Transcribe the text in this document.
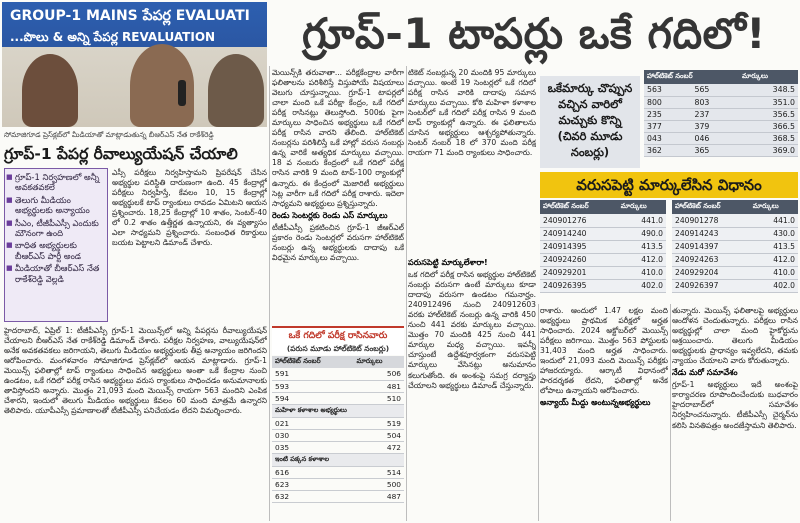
GROUP-1 MAINS పేపర్ల EVALUATI
...పొలు & అన్ని పేపర్ల REVALUATION
సోమాజిగూడ ప్రెస్‌క్లబ్‌లో మీడియాతో మాట్లాడుతున్న బీఆర్‌ఎస్ నేత రాకేశ్‌రెడ్డి
గ్రూప్-1 పేపర్ల రీవాల్యుయేషన్ చేయాలి
■ గ్రూప్-1 నిర్వహణలో అన్నీ అవకతవకలే
■ తెలుగు మీడియం అభ్యర్థులకు అన్యాయం
■ సీఎం, టీజీపీఎస్సీ ఎందుకు మౌనంగా ఉంది
■ బాధిత అభ్యర్థులకు బీఆర్‌ఎస్ పార్టీ అండ
■ మీడియాతో బీఆర్‌ఎస్ నేత రాకేశ్‌రెడ్డి వెల్లడి
ఎస్సీ పరీక్షలు నిర్వహిస్తామని ప్రిపరేషన్ చేసిన అభ్యర్థుల పరిస్థితి దారుణంగా ఉంది. 45 కేంద్రాల్లో పరీక్షలు నిర్వహిస్తే, కేవలం 10, 15 కేంద్రాల్లో అభ్యర్థులకే టాప్ ర్యాంకులు రావడం ఏమిటని ఆయన ప్రశ్నించారు. 18,25 కేంద్రాల్లో 10 శాతం, సెంటర్-40 లో 0.2 శాతం ఉత్తీర్ణత ఉన్నాయని, ఈ వ్యత్యాసం ఎలా సాధ్యమని ప్రశ్నించారు. సంబంధిత రికార్డులు బయట పెట్టాలని డిమాండ్ చేశారు.
హైదరాబాద్, ఏప్రిల్ 1: టీజీపీఎస్సీ గ్రూప్-1 మెయిన్స్‌లో అన్ని పేపర్లను రీవాల్యుయేషన్ చేయాలని బీఆర్‌ఎస్ నేత రాకేశ్‌రెడ్డి డిమాండ్ చేశారు. పరీక్షల నిర్వహణ, వాల్యుయేషన్‌లో అనేక అవకతవకలు జరిగాయని, తెలుగు మీడియం అభ్యర్థులకు తీవ్ర అన్యాయం జరిగిందని ఆరోపించారు. మంగళవారం సోమాజిగూడ ప్రెస్‌క్లబ్‌లో ఆయన మాట్లాడారు. గ్రూప్-1 మెయిన్స్ ఫలితాల్లో టాప్ ర్యాంకులు సాధించిన అభ్యర్థులు అంతా ఒకే కేంద్రాల నుంచి ఉండటం, ఒకే గదిలో పరీక్ష రాసిన అభ్యర్థులు వరుస ర్యాంకులు సాధించడం అనుమానాలకు తావిస్తోందని అన్నారు. మొత్తం 21,093 మంది మెయిన్స్ రాయగా 563 మందిని ఎంపిక చేశారని, ఇందులో తెలుగు మీడియం అభ్యర్థులు కేవలం 60 మంది మాత్రమే ఉన్నారని తెలిపారు. యూపీఎస్సీ ప్రమాణాలతో టీజీపీఎస్సీ పనిచేయడం లేదని విమర్శించారు.
గ్రూప్-1 టాపర్లు ఒకే గదిలో!
మెయిన్స్‌కి తరువాతా... పరీక్షకేంద్రాల వారీగా ఫలితాలను పరిశీలిస్తే విస్తుపోయే విషయాలు వెలుగు చూస్తున్నాయి. గ్రూప్-1 టాపర్లలో చాలా మంది ఒకే పరీక్షా కేంద్రం, ఒకే గదిలో పరీక్ష రాసినట్లు తెలుస్తోంది. 500కు పైగా మార్కులు సాధించిన అభ్యర్థులు ఒకే గదిలో పరీక్ష రాసిన వారని తేలింది. హాల్‌టికెట్ నంబర్లను పరిశీలిస్తే ఒకే హాల్లో వరుస నంబర్లు ఉన్న వారికే అత్యధిక మార్కులు వచ్చాయి. 18 వ నంబరు కేంద్రంలో ఒకే గదిలో పరీక్ష రాసిన వారికి 9 మంది టాప్-100 ర్యాంకుల్లో ఉన్నారు. ఈ కేంద్రంలో మెజారిటీ అభ్యర్థులు సెట్ల వారీగా ఒకే గదిలో పరీక్ష రాశారు. ఇదెలా సాధ్యమని అభ్యర్థులు ప్రశ్నిస్తున్నారు.
రెండు సెంటర్లకు రెండు ఎస్ మార్కులు
టీజీపీఎస్సీ ప్రకటించిన గ్రూప్-1 జీఆర్ఎల్ ప్రకారం రెండు సెంటర్లలో వరుసగా హాల్‌టికెట్ నంబర్లు ఉన్న అభ్యర్థులకు దాదాపు ఒకే విధమైన మార్కులు వచ్చాయి.
ఒకే గదిలో పరీక్ష రాసినవారు
(పరుస మూడు హాల్‌టికెట్ నంబర్లు)
హాల్‌టికెట్ నంబర్	మార్కులు
591	506
593	481
594	510
మహిళా కళాశాల అభ్యర్థులు	
021	519
030	504
035	472
ఇంటి పక్కన కళాశాల	
616	514
623	500
632	487
టికెట్ నంబర్లున్న 20 మందికి 95 మార్కులు వచ్చాయి. అంటే 19 సెంటర్లలో ఒకే గదిలో పరీక్ష రాసిన వారికి దాదాపు సమాన మార్కులు వచ్చాయి. కోఠి మహిళా కళాశాల సెంటర్‌లో ఒకే గదిలో పరీక్ష రాసిన 9 మంది టాప్ ర్యాంకుల్లో ఉన్నారు. ఈ ఫలితాలను చూసిన అభ్యర్థులు ఆశ్చర్యపోతున్నారు. సెంటర్ నంబర్ 18 లో 370 మంది పరీక్ష రాయగా 71 మంది ర్యాంకులు సాధించారు.
పరుసపెట్టి మార్కులేశారా!
ఒక గదిలో పరీక్ష రాసిన అభ్యర్థుల హాల్‌టికెట్ నంబర్లు వరుసగా ఉంటే మార్కులు కూడా దాదాపు వరుసగా ఉండటం గమనార్హం. 240912496 నుంచి 240912603 వరకు హాల్‌టికెట్ నంబర్లు ఉన్న వారికి 450 నుంచి 441 వరకు మార్కులు వచ్చాయి. మొత్తం 70 మందికి 425 నుంచి 441 మార్కుల మధ్య వచ్చాయి. ఇవన్నీ చూస్తుంటే ఉద్దేశపూర్వకంగా వరుసపెట్టి మార్కులు వేసినట్లు అనుమానం కలుగుతోంది. ఈ అంశంపై సమగ్ర దర్యాప్తు చేయాలని అభ్యర్థులు డిమాండ్ చేస్తున్నారు.
ఒకేమార్కు చొప్పున
వచ్చిన వారిలో
మచ్చుకు కొన్ని
(చివరి మూడు
నంబర్లు)
హాల్‌టికెట్ నంబర్		మార్కులు
563	565	348.5
800	803	351.0
235	237	356.5
377	379	366.5
043	046	368.5
362	365	369.0
వరుసపెట్టి మార్కులేసిన విధానం
హాల్‌టికెట్ నంబర్	మార్కులు		హాల్‌టికెట్ నంబర్	మార్కులు
240901276	441.0		240901278	441.0
240914240	490.0		240914243	430.0
240914395	413.5		240914397	413.5
240924260	412.0		240924263	412.0
240929201	410.0		240929204	410.0
240926395	402.0		240926397	402.0
రాశారు. ఆందులో 1.47 లక్షల మంది అభ్యర్థులు ప్రాథమిక పరీక్షలో అర్హత సాధించారు. 2024 అక్టోబర్‌లో మెయిన్స్ పరీక్షలు జరిగాయి. మొత్తం 563 పోస్టులకు 31,403 మంది అర్హత సాధించారు. ఇందులో 21,093 మంది మెయిన్స్ పరీక్షకు హాజరయ్యారు. ఆర్కాటీ విధానంలో పారదర్శకత లేదని, ఫలితాల్లో అనేక లోపాలు ఉన్నాయని ఆరోపించారు.
అన్యాయ్‌ మీద్దు అంటున్నఅభ్యర్థులు
తున్నారు. మెయిన్స్ ఫలితాలపై అభ్యర్థులు ఆందోళన చెందుతున్నారు. పరీక్షలు రాసిన అభ్యర్థుల్లో చాలా మంది హైకోర్టును ఆశ్రయించారు. తెలుగు మీడియం అభ్యర్థులకు ప్రాధాన్యం ఇవ్వలేదని, తమకు న్యాయం చేయాలని వారు కోరుతున్నారు.
నేడు మరో సమావేశం
గ్రూప్-1 అభ్యర్థులు ఇదే అంశంపై కార్యాచరణ రూపొందించేందుకు బుధవారం హైదరాబాద్‌లో సమావేశం నిర్వహించనున్నారు. టీజీపీఎస్సీ చైర్మన్‌ను కలిసి వినతిపత్రం అందజేస్తామని తెలిపారు.
